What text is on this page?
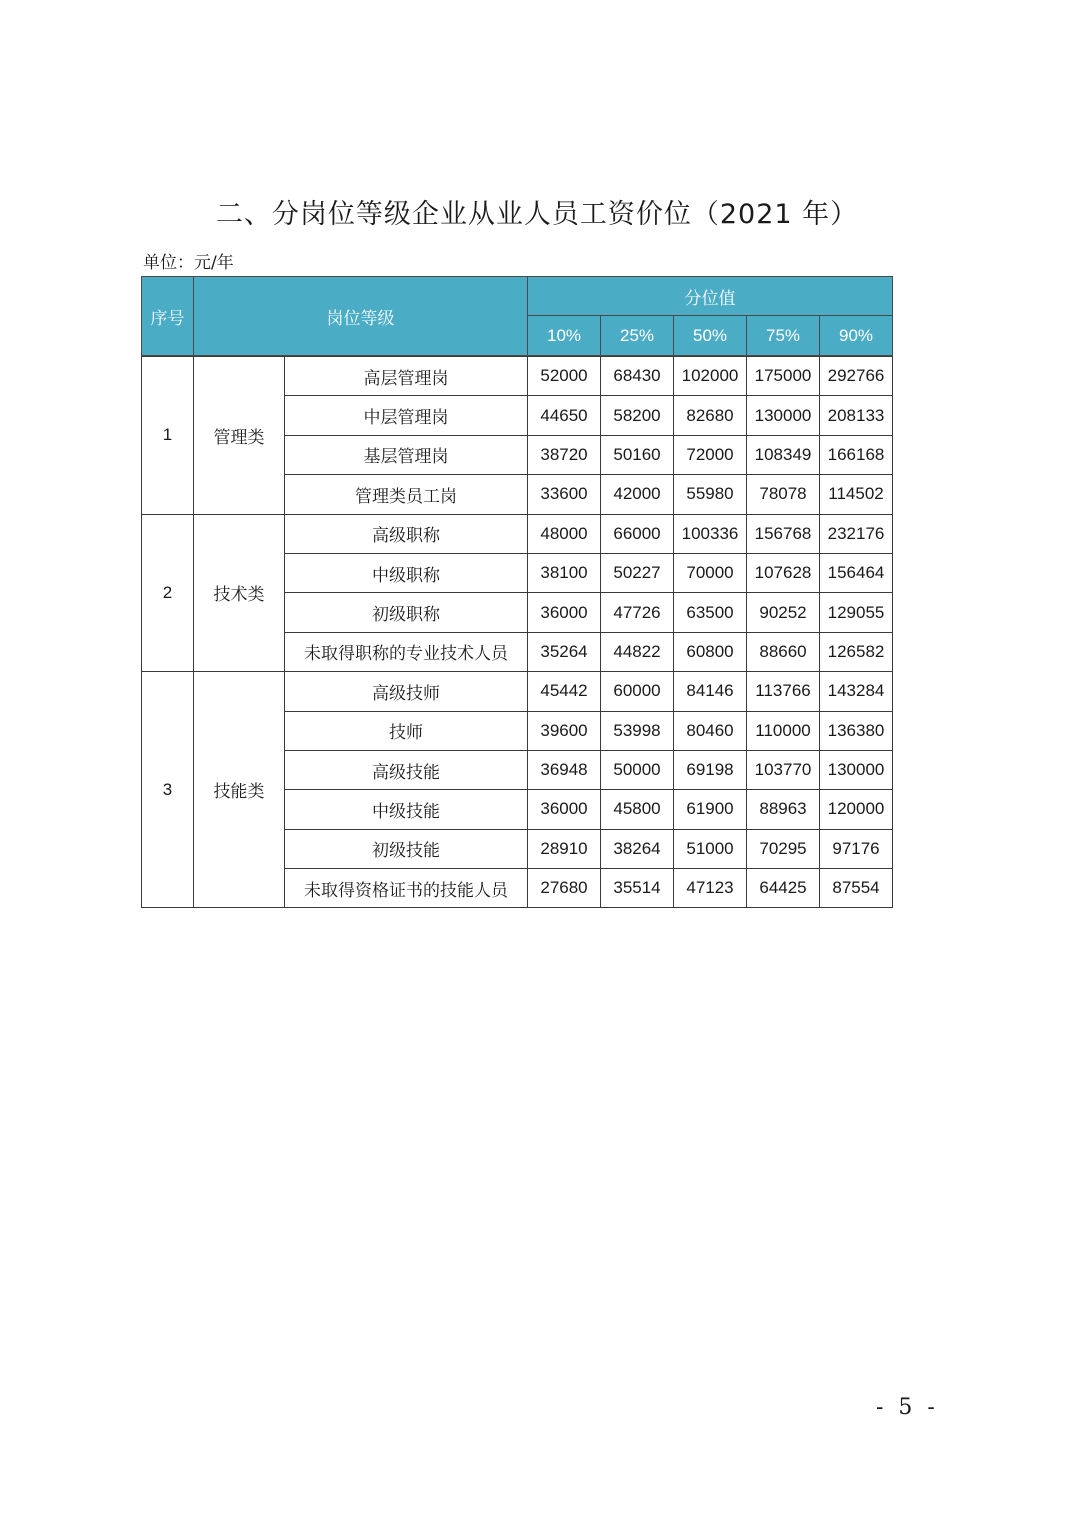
二、分岗位等级企业从业人员工资价位（2021 年）
单位：元/年
序号	岗位等级		分位值				
			10%	25%	50%	75%	90%

1	管理类	高层管理岗	52000	68430	102000	175000	292766
		中层管理岗	44650	58200	82680	130000	208133
		基层管理岗	38720	50160	72000	108349	166168
		管理类员工岗	33600	42000	55980	78078	114502
2	技术类	高级职称	48000	66000	100336	156768	232176
		中级职称	38100	50227	70000	107628	156464
		初级职称	36000	47726	63500	90252	129055
		未取得职称的专业技术人员	35264	44822	60800	88660	126582
3	技能类	高级技师	45442	60000	84146	113766	143284
		技师	39600	53998	80460	110000	136380
		高级技能	36948	50000	69198	103770	130000
		中级技能	36000	45800	61900	88963	120000
		初级技能	28910	38264	51000	70295	97176
		未取得资格证书的技能人员	27680	35514	47123	64425	87554
- 5 -
